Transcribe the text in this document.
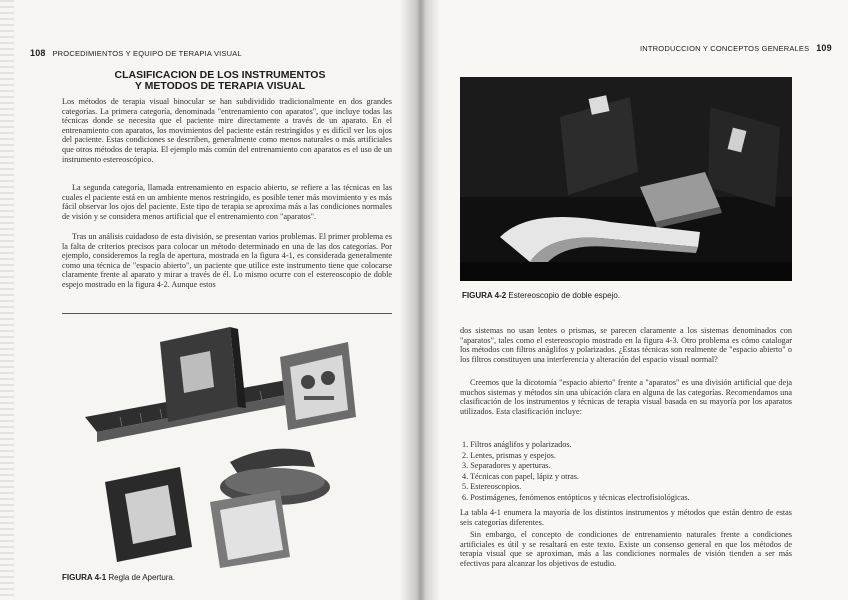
108 PROCEDIMIENTOS Y EQUIPO DE TERAPIA VISUAL
CLASIFICACION DE LOS INSTRUMENTOS
Y METODOS DE TERAPIA VISUAL
Los métodos de terapia visual binocular se han subdividido tradicionalmente en dos grandes categorías. La primera categoría, denominada "entrenamiento con aparatos", que incluye todas las técnicas donde se necesita que el paciente mire directamente a través de un aparato. En el entrenamiento con aparatos, los movimientos del paciente están restringidos y es difícil ver los ojos del paciente. Estas condiciones se describen, generalmente como menos naturales o más artificiales que otros métodos de terapia. El ejemplo más común del entrenamiento con aparatos es el uso de un instrumento estereoscópico.
La segunda categoría, llamada entrenamiento en espacio abierto, se refiere a las técnicas en las cuales el paciente está en un ambiente menos restringido, es posible tener más movimiento y es más fácil observar los ojos del paciente. Este tipo de terapia se aproxima más a las condiciones normales de visión y se considera menos artificial que el entrenamiento con "aparatos".
Tras un análisis cuidadoso de esta división, se presentan varios problemas. El primer problema es la falta de criterios precisos para colocar un método determinado en una de las dos categorías. Por ejemplo, consideremos la regla de apertura, mostrada en la figura 4-1, es considerada generalmente como una técnica de "espacio abierto", un paciente que utilice este instrumento tiene que colocarse claramente frente al aparato y mirar a través de él. Lo mismo ocurre con el estereoscopio de doble espejo mostrado en la figura 4-2. Aunque estos
FIGURA 4-1 Regla de Apertura.
INTRODUCCION Y CONCEPTOS GENERALES 109
FIGURA 4-2 Estereoscopio de doble espejo.
dos sistemas no usan lentes o prismas, se parecen claramente a los sistemas denominados con "aparatos", tales como el estereoscopio mostrado en la figura 4-3. Otro problema es cómo catalogar los métodos con filtros anáglifos y polarizados. ¿Estas técnicas son realmente de "espacio abierto" o los filtros constituyen una interferencia y alteración del espacio visual normal?
Creemos que la dicotomía "espacio abierto" frente a "aparatos" es una división artificial que deja muchos sistemas y métodos sin una ubicación clara en alguna de las categorías. Recomendamos una clasificación de los instrumentos y técnicas de terapia visual basada en su mayoría por los aparatos utilizados. Esta clasificación incluye:
1. Filtros anáglifos y polarizados.
2. Lentes, prismas y espejos.
3. Separadores y aperturas.
4. Técnicas con papel, lápiz y otras.
5. Estereoscopios.
6. Postimágenes, fenómenos entópticos y técnicas electrofisiológicas.
La tabla 4-1 enumera la mayoría de los distintos instrumentos y métodos que están dentro de estas seis categorías diferentes.
Sin embargo, el concepto de condiciones de entrenamiento naturales frente a condiciones artificiales es útil y se resaltará en este texto. Existe un consenso general en que los métodos de terapia visual que se aproximan, más a las condiciones normales de visión tienden a ser más efectivos para alcanzar los objetivos de estudio.
